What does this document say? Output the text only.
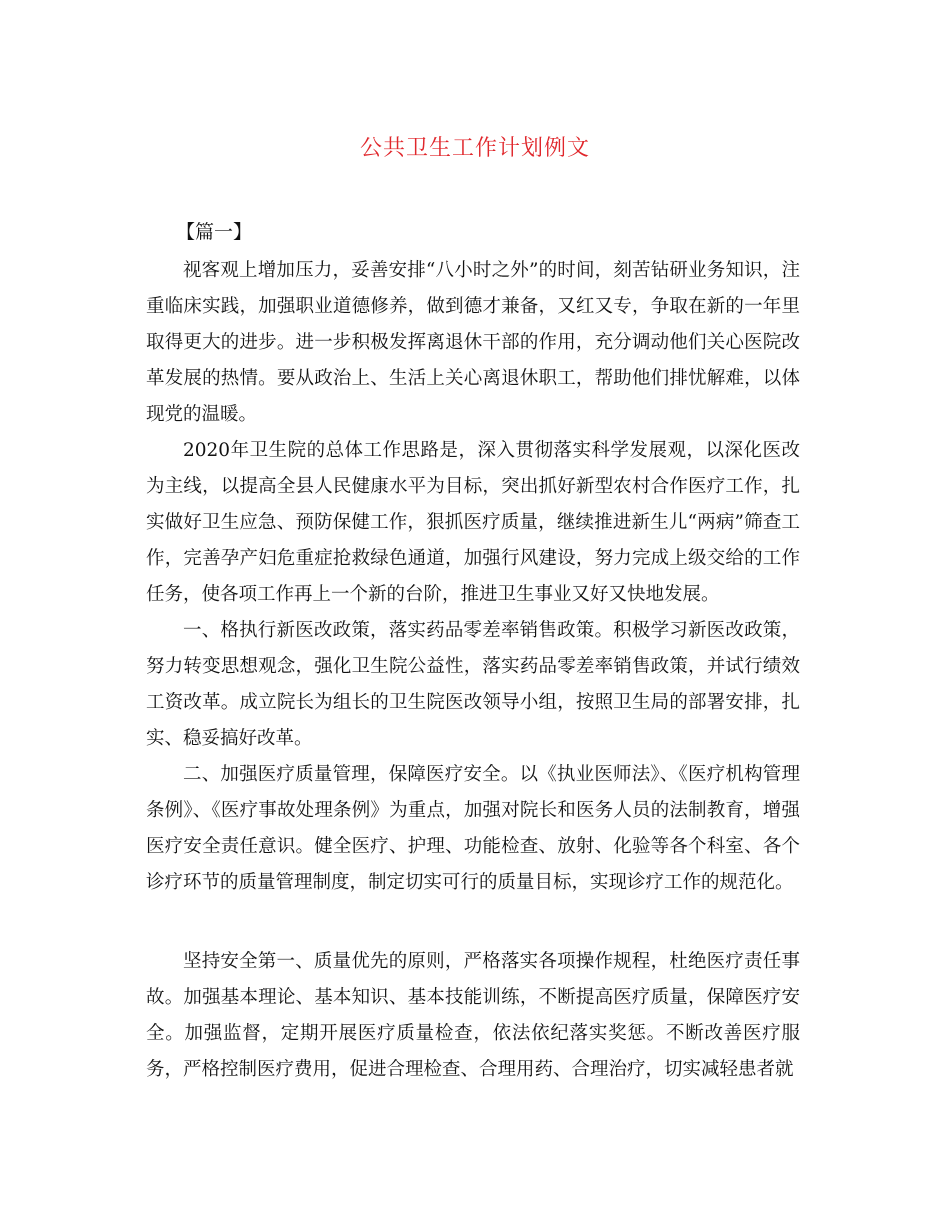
公共卫生工作计划例文
【篇一】

视客观上增加压力，妥善安排“八小时之外”的时间，刻苦钻研业务知识，注重临床实践，加强职业道德修养，做到德才兼备，又红又专，争取在新的一年里取得更大的进步。进一步积极发挥离退休干部的作用，充分调动他们关心医院改革发展的热情。要从政治上、生活上关心离退休职工，帮助他们排忧解难，以体现党的温暖。

2020年卫生院的总体工作思路是，深入贯彻落实科学发展观，以深化医改为主线，以提高全县人民健康水平为目标，突出抓好新型农村合作医疗工作，扎实做好卫生应急、预防保健工作，狠抓医疗质量，继续推进新生儿“两病”筛查工作，完善孕产妇危重症抢救绿色通道，加强行风建设，努力完成上级交给的工作任务，使各项工作再上一个新的台阶，推进卫生事业又好又快地发展。

一、格执行新医改政策，落实药品零差率销售政策。积极学习新医改政策，努力转变思想观念，强化卫生院公益性，落实药品零差率销售政策，并试行绩效工资改革。成立院长为组长的卫生院医改领导小组，按照卫生局的部署安排，扎实、稳妥搞好改革。

二、加强医疗质量管理，保障医疗安全。以《执业医师法》、《医疗机构管理条例》、《医疗事故处理条例》为重点，加强对院长和医务人员的法制教育，增强医疗安全责任意识。健全医疗、护理、功能检查、放射、化验等各个科室、各个诊疗环节的质量管理制度，制定切实可行的质量目标，实现诊疗工作的规范化。

坚持安全第一、质量优先的原则，严格落实各项操作规程，杜绝医疗责任事故。加强基本理论、基本知识、基本技能训练，不断提高医疗质量，保障医疗安全。加强监督，定期开展医疗质量检查，依法依纪落实奖惩。不断改善医疗服务，严格控制医疗费用，促进合理检查、合理用药、合理治疗，切实减轻患者就
